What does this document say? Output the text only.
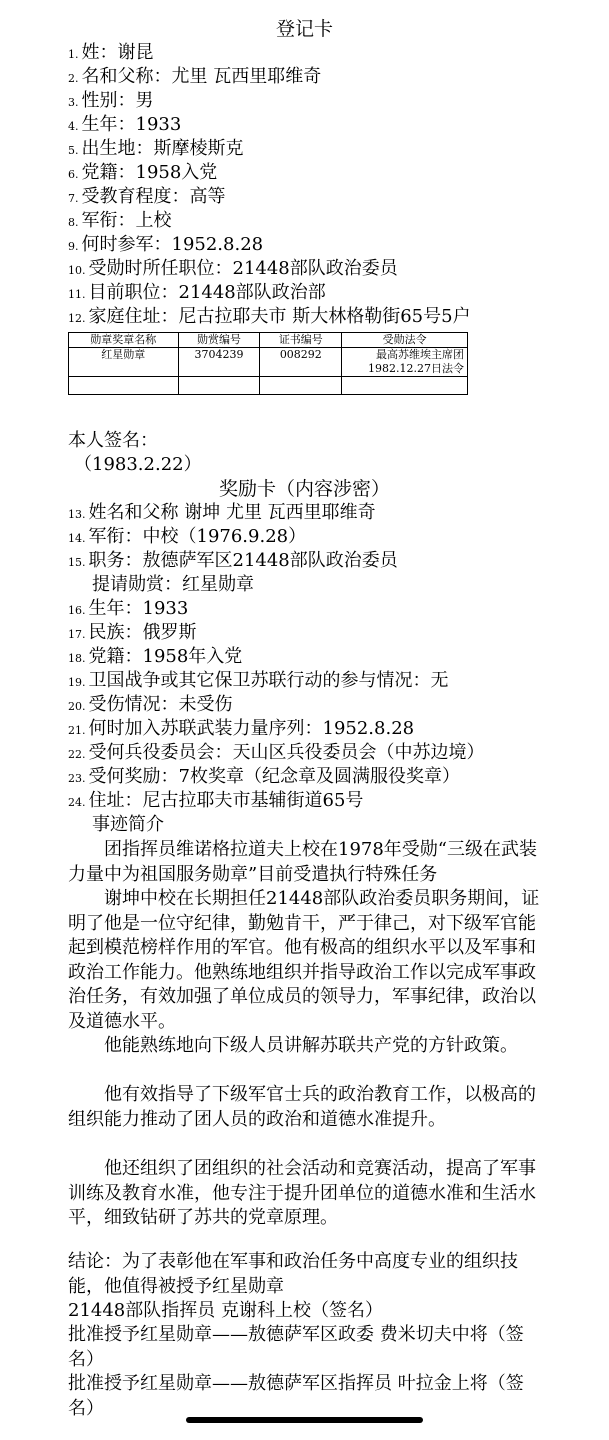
登记卡
1. 姓：谢昆
2. 名和父称：尤里 瓦西里耶维奇
3. 性别：男
4. 生年：1933
5. 出生地：斯摩棱斯克
6. 党籍：1958入党
7. 受教育程度：高等
8. 军衔：上校
9. 何时参军：1952.8.28
10. 受勋时所任职位：21448部队政治委员
11. 目前职位：21448部队政治部
12. 家庭住址：尼古拉耶夫市 斯大林格勒街65号5户
勋章奖章名称	勋赏编号	证书编号	受勋法令
红星勋章	3704239	008292	最高苏维埃主席团1982.12.27日法令

本人签名：
（1983.2.22）
奖励卡（内容涉密）
13. 姓名和父称 谢坤 尤里 瓦西里耶维奇
14. 军衔：中校（1976.9.28）
15. 职务：敖德萨军区21448部队政治委员
提请勋赏：红星勋章
16. 生年：1933
17. 民族：俄罗斯
18. 党籍：1958年入党
19. 卫国战争或其它保卫苏联行动的参与情况：无
20. 受伤情况：未受伤
21. 何时加入苏联武装力量序列：1952.8.28
22. 受何兵役委员会：天山区兵役委员会（中苏边境）
23. 受何奖励：7枚奖章（纪念章及圆满服役奖章）
24. 住址：尼古拉耶夫市基辅街道65号
事迹简介
团指挥员维诺格拉道夫上校在1978年受勋“三级在武装力量中为祖国服务勋章”目前受遣执行特殊任务
谢坤中校在长期担任21448部队政治委员职务期间，证明了他是一位守纪律，勤勉肯干，严于律己，对下级军官能起到模范榜样作用的军官。他有极高的组织水平以及军事和政治工作能力。他熟练地组织并指导政治工作以完成军事政治任务，有效加强了单位成员的领导力，军事纪律，政治以及道德水平。
他能熟练地向下级人员讲解苏联共产党的方针政策。
他有效指导了下级军官士兵的政治教育工作，以极高的组织能力推动了团人员的政治和道德水准提升。
他还组织了团组织的社会活动和竞赛活动，提高了军事训练及教育水准，他专注于提升团单位的道德水准和生活水平，细致钻研了苏共的党章原理。
结论：为了表彰他在军事和政治任务中高度专业的组织技能，他值得被授予红星勋章
21448部队指挥员 克谢科上校（签名）
批准授予红星勋章——敖德萨军区政委 费米切夫中将（签名）
批准授予红星勋章——敖德萨军区指挥员 叶拉金上将（签名）
